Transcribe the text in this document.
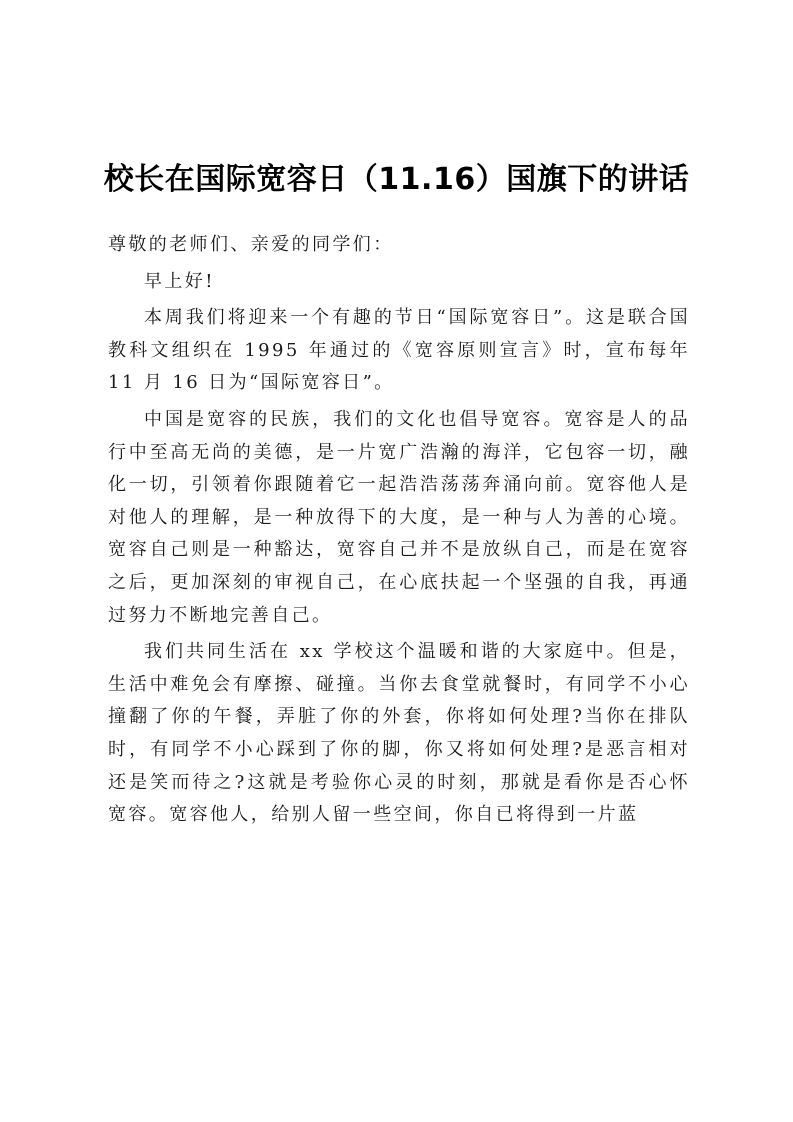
校长在国际宽容日（11.16）国旗下的讲话

尊敬的老师们、亲爱的同学们：

早上好!

本周我们将迎来一个有趣的节日“国际宽容日”。这是联合国教科文组织在 1995 年通过的《宽容原则宣言》时，宣布每年 11 月 16 日为“国际宽容日”。

中国是宽容的民族，我们的文化也倡导宽容。宽容是人的品行中至高无尚的美德，是一片宽广浩瀚的海洋，它包容一切，融化一切，引领着你跟随着它一起浩浩荡荡奔涌向前。宽容他人是对他人的理解，是一种放得下的大度，是一种与人为善的心境。宽容自己则是一种豁达，宽容自己并不是放纵自己，而是在宽容之后，更加深刻的审视自己，在心底扶起一个坚强的自我，再通过努力不断地完善自己。

我们共同生活在 xx 学校这个温暖和谐的大家庭中。但是，生活中难免会有摩擦、碰撞。当你去食堂就餐时，有同学不小心撞翻了你的午餐，弄脏了你的外套，你将如何处理?当你在排队时，有同学不小心踩到了你的脚，你又将如何处理?是恶言相对还是笑而待之?这就是考验你心灵的时刻，那就是看你是否心怀宽容。宽容他人，给别人留一些空间，你自已将得到一片蓝
